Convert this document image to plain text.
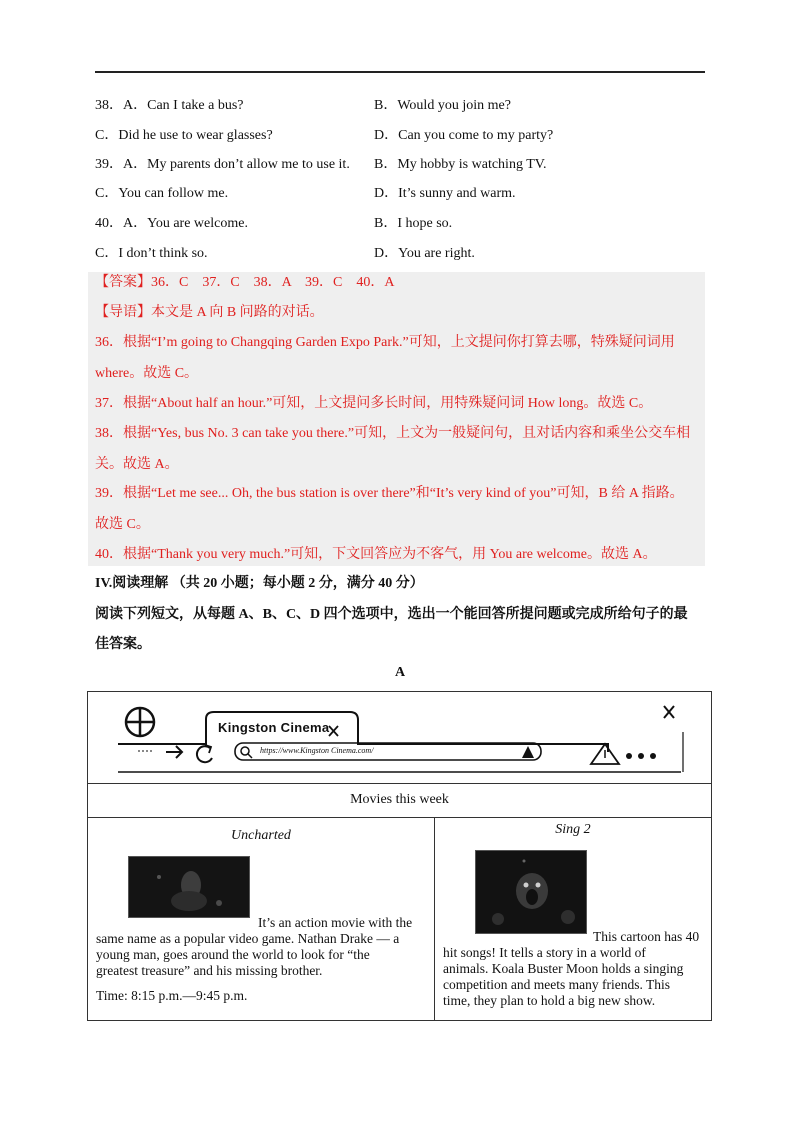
38．A．Can I take a bus?	B．Would you join me?
C．Did he use to wear glasses?	D．Can you come to my party?
39．A．My parents don’t allow me to use it. B．My hobby is watching TV.
C．You can follow me.	D．It’s sunny and warm.
40．A．You are welcome.	B．I hope so.
C．I don’t think so.	D．You are right.
【答案】36．C　37．C　38．A　39．C　40．A
【导语】本文是 A 向 B 问路的对话。
36．根据“I’m going to Changqing Garden Expo Park.”可知，上文提问你打算去哪，特殊疑问词用
where。故选 C。
37．根据“About half an hour.”可知，上文提问多长时间，用特殊疑问词 How long。故选 C。
38．根据“Yes, bus No. 3 can take you there.”可知，上文为一般疑问句，且对话内容和乘坐公交车相
关。故选 A。
39．根据“Let me see... Oh, the bus station is over there”和“It’s very kind of you”可知，B 给 A 指路。
故选 C。
40．根据“Thank you very much.”可知，下文回答应为不客气，用 You are welcome。故选 A。
IV.阅读理解 （共 20 小题；每小题 2 分，满分 40 分）
阅读下列短文，从每题 A、B、C、D 四个选项中，选出一个能回答所提问题或完成所给句子的最
佳答案。
A
Kingston Cinema
https://www.Kingston Cinema.com/
Movies this week
Uncharted
It’s an action movie with the
same name as a popular video game. Nathan Drake — a
young man, goes around the world to look for “the
greatest treasure” and his missing brother.
Time: 8:15 p.m.—9:45 p.m.
Sing 2
This cartoon has 40
hit songs! It tells a story in a world of
animals. Koala Buster Moon holds a singing
competition and meets many friends. This
time, they plan to hold a big new show.
